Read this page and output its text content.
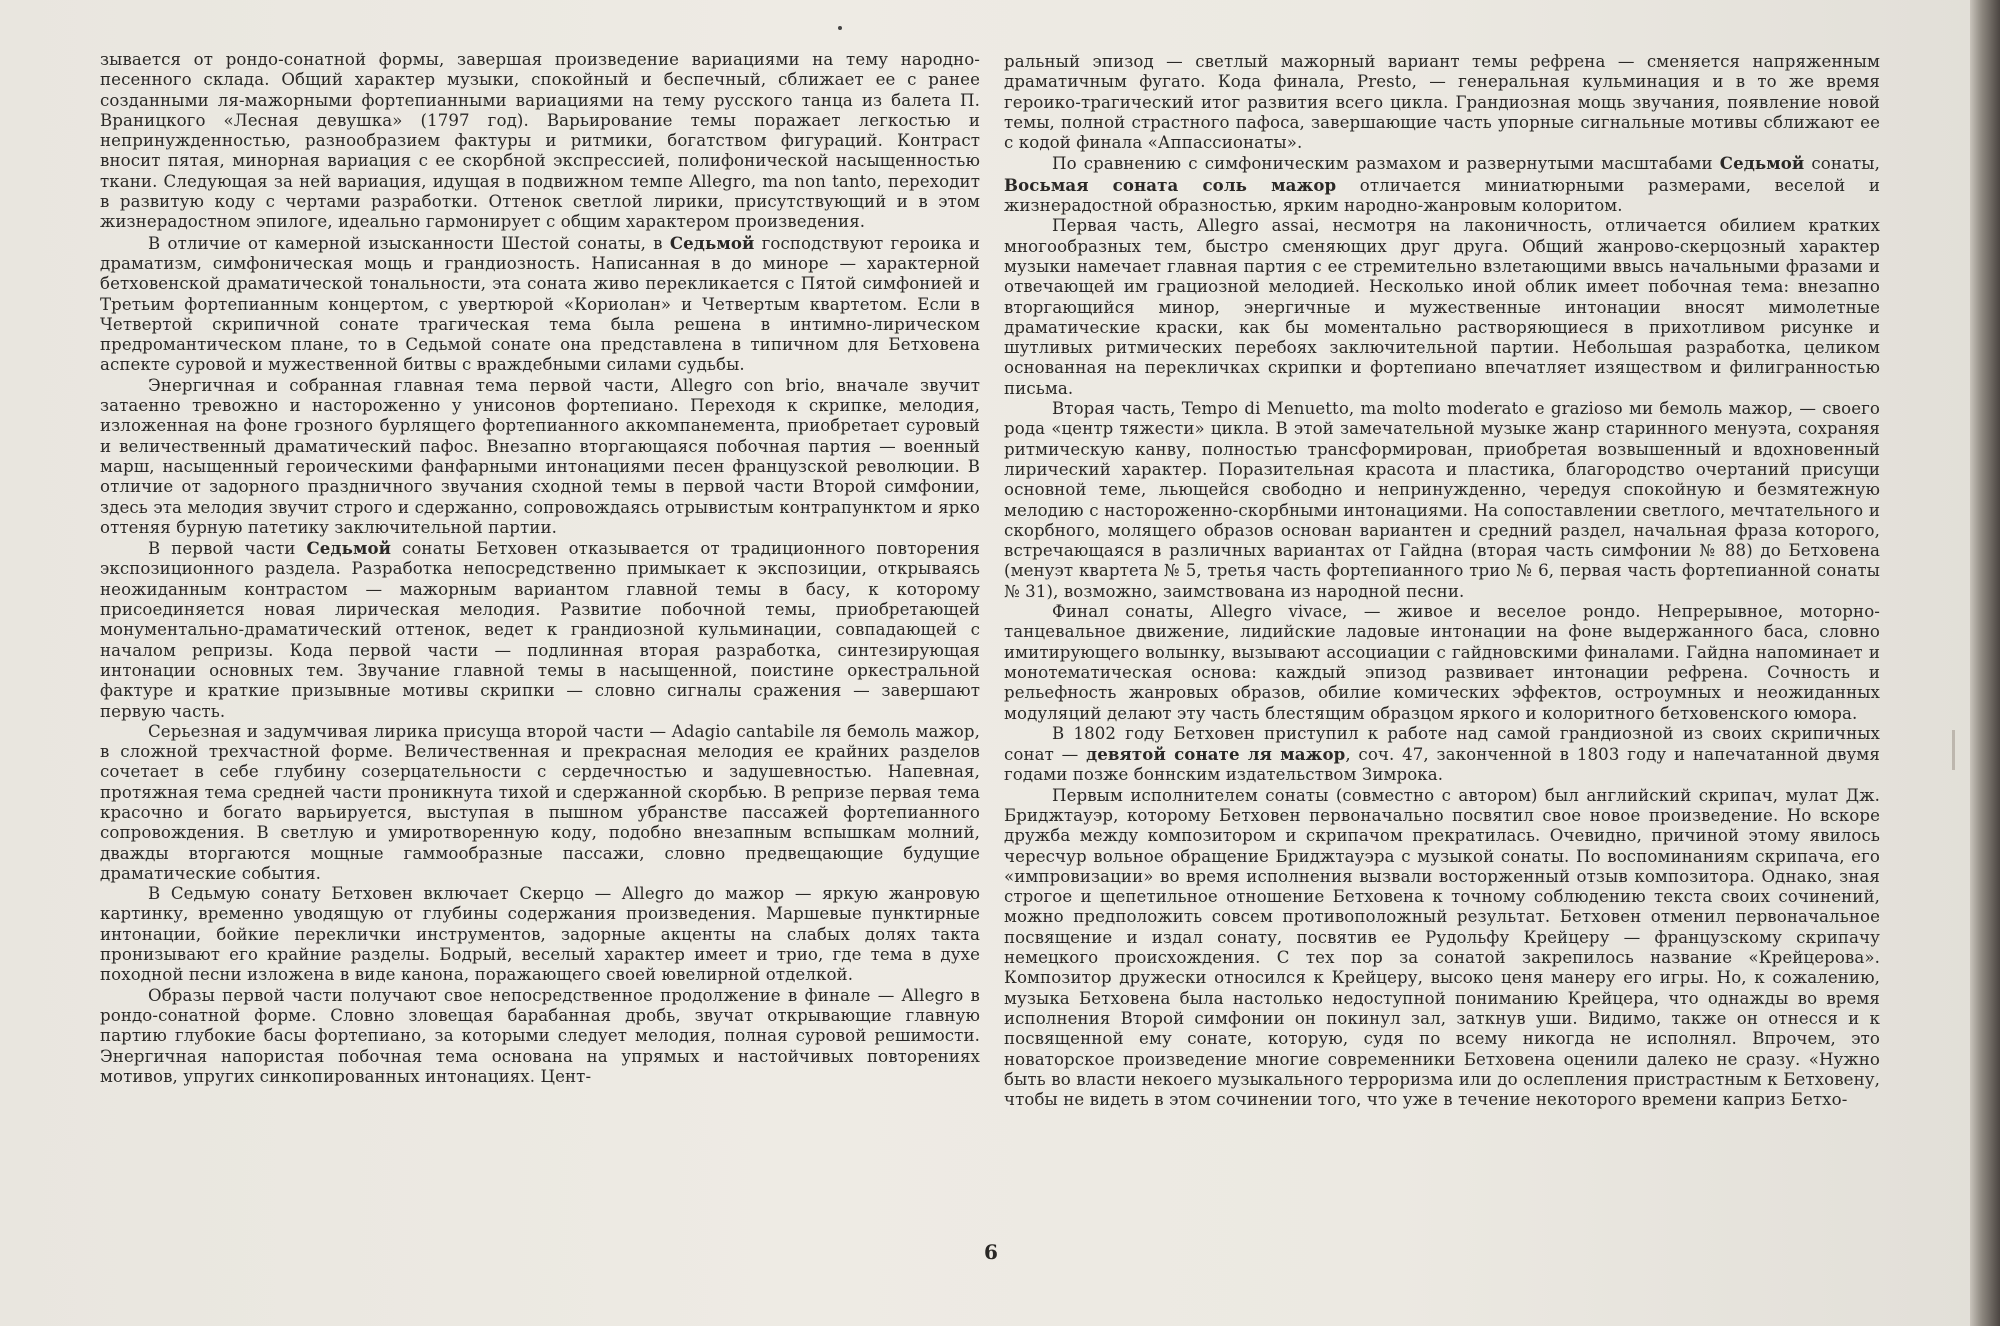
зывается от рондо-сонатной формы, завершая произведение вариациями на тему народно-песенного склада. Общий характер музыки, спокойный и беспечный, сближает ее с ранее созданными ля-мажорными фортепианными вариациями на тему русского танца из балета П. Враницкого «Лесная девушка» (1797 год). Варьирование темы поражает легкостью и непринужденностью, разнообразием фактуры и ритмики, богатством фигураций. Контраст вносит пятая, минорная вариация с ее скорбной экспрессией, полифонической насыщенностью ткани. Следующая за ней вариация, идущая в подвижном темпе Allegro, ma non tanto, переходит в развитую коду с чертами разработки. Оттенок светлой лирики, присутствующий и в этом жизнерадостном эпилоге, идеально гармонирует с общим характером произведения.

В отличие от камерной изысканности Шестой сонаты, в Седьмой господствуют героика и драматизм, симфоническая мощь и грандиозность. Написанная в до миноре — характерной бетховенской драматической тональности, эта соната живо перекликается с Пятой симфонией и Третьим фортепианным концертом, с увертюрой «Кориолан» и Четвертым квартетом. Если в Четвертой скрипичной сонате трагическая тема была решена в интимно-лирическом предромантическом плане, то в Седьмой сонате она представлена в типичном для Бетховена аспекте суровой и мужественной битвы с враждебными силами судьбы.

Энергичная и собранная главная тема первой части, Allegro con brio, вначале звучит затаенно тревожно и настороженно у унисонов фортепиано. Переходя к скрипке, мелодия, изложенная на фоне грозного бурлящего фортепианного аккомпанемента, приобретает суровый и величественный драматический пафос. Внезапно вторгающаяся побочная партия — военный марш, насыщенный героическими фанфарными интонациями песен французской революции. В отличие от задорного праздничного звучания сходной темы в первой части Второй симфонии, здесь эта мелодия звучит строго и сдержанно, сопровождаясь отрывистым контрапунктом и ярко оттеняя бурную патетику заключительной партии.

В первой части Седьмой сонаты Бетховен отказывается от традиционного повторения экспозиционного раздела. Разработка непосредственно примыкает к экспозиции, открываясь неожиданным контрастом — мажорным вариантом главной темы в басу, к которому присоединяется новая лирическая мелодия. Развитие побочной темы, приобретающей монументально-драматический оттенок, ведет к грандиозной кульминации, совпадающей с началом репризы. Кода первой части — подлинная вторая разработка, синтезирующая интонации основных тем. Звучание главной темы в насыщенной, поистине оркестральной фактуре и краткие призывные мотивы скрипки — словно сигналы сражения — завершают первую часть.

Серьезная и задумчивая лирика присуща второй части — Adagio cantabile ля бемоль мажор, в сложной трехчастной форме. Величественная и прекрасная мелодия ее крайних разделов сочетает в себе глубину созерцательности с сердечностью и задушевностью. Напевная, протяжная тема средней части проникнута тихой и сдержанной скорбью. В репризе первая тема красочно и богато варьируется, выступая в пышном убранстве пассажей фортепианного сопровождения. В светлую и умиротворенную коду, подобно внезапным вспышкам молний, дважды вторгаются мощные гаммообразные пассажи, словно предвещающие будущие драматические события.

В Седьмую сонату Бетховен включает Скерцо — Allegro до мажор — яркую жанровую картинку, временно уводящую от глубины содержания произведения. Маршевые пунктирные интонации, бойкие переклички инструментов, задорные акценты на слабых долях такта пронизывают его крайние разделы. Бодрый, веселый характер имеет и трио, где тема в духе походной песни изложена в виде канона, поражающего своей ювелирной отделкой.

Образы первой части получают свое непосредственное продолжение в финале — Allegro в рондо-сонатной форме. Словно зловещая барабанная дробь, звучат открывающие главную партию глубокие басы фортепиано, за которыми следует мелодия, полная суровой решимости. Энергичная напористая побочная тема основана на упрямых и настойчивых повторениях мотивов, упругих синкопированных интонациях. Цент-

ральный эпизод — светлый мажорный вариант темы рефрена — сменяется напряженным драматичным фугато. Кода финала, Presto, — генеральная кульминация и в то же время героико-трагический итог развития всего цикла. Грандиозная мощь звучания, появление новой темы, полной страстного пафоса, завершающие часть упорные сигнальные мотивы сближают ее с кодой финала «Аппассионаты».

По сравнению с симфоническим размахом и развернутыми масштабами Седьмой сонаты, Восьмая соната соль мажор отличается миниатюрными размерами, веселой и жизнерадостной образностью, ярким народно-жанровым колоритом.

Первая часть, Allegro assai, несмотря на лаконичность, отличается обилием кратких многообразных тем, быстро сменяющих друг друга. Общий жанрово-скерцозный характер музыки намечает главная партия с ее стремительно взлетающими ввысь начальными фразами и отвечающей им грациозной мелодией. Несколько иной облик имеет побочная тема: внезапно вторгающийся минор, энергичные и мужественные интонации вносят мимолетные драматические краски, как бы моментально растворяющиеся в прихотливом рисунке и шутливых ритмических перебоях заключительной партии. Небольшая разработка, целиком основанная на перекличках скрипки и фортепиано впечатляет изяществом и филигранностью письма.

Вторая часть, Tempo di Menuetto, ma molto moderato e grazioso ми бемоль мажор, — своего рода «центр тяжести» цикла. В этой замечательной музыке жанр старинного менуэта, сохраняя ритмическую канву, полностью трансформирован, приобретая возвышенный и вдохновенный лирический характер. Поразительная красота и пластика, благородство очертаний присущи основной теме, льющейся свободно и непринужденно, чередуя спокойную и безмятежную мелодию с настороженно-скорбными интонациями. На сопоставлении светлого, мечтательного и скорбного, молящего образов основан вариантен и средний раздел, начальная фраза которого, встречающаяся в различных вариантах от Гайдна (вторая часть симфонии № 88) до Бетховена (менуэт квартета № 5, третья часть фортепианного трио № 6, первая часть фортепианной сонаты № 31), возможно, заимствована из народной песни.

Финал сонаты, Allegro vivace, — живое и веселое рондо. Непрерывное, моторно-танцевальное движение, лидийские ладовые интонации на фоне выдержанного баса, словно имитирующего волынку, вызывают ассоциации с гайдновскими финалами. Гайдна напоминает и монотематическая основа: каждый эпизод развивает интонации рефрена. Сочность и рельефность жанровых образов, обилие комических эффектов, остроумных и неожиданных модуляций делают эту часть блестящим образцом яркого и колоритного бетховенского юмора.

В 1802 году Бетховен приступил к работе над самой грандиозной из своих скрипичных сонат — девятой сонате ля мажор, соч. 47, законченной в 1803 году и напечатанной двумя годами позже боннским издательством Зимрока.

Первым исполнителем сонаты (совместно с автором) был английский скрипач, мулат Дж. Бриджтауэр, которому Бетховен первоначально посвятил свое новое произведение. Но вскоре дружба между композитором и скрипачом прекратилась. Очевидно, причиной этому явилось чересчур вольное обращение Бриджтауэра с музыкой сонаты. По воспоминаниям скрипача, его «импровизации» во время исполнения вызвали восторженный отзыв композитора. Однако, зная строгое и щепетильное отношение Бетховена к точному соблюдению текста своих сочинений, можно предположить совсем противоположный результат. Бетховен отменил первоначальное посвящение и издал сонату, посвятив ее Рудольфу Крейцеру — французскому скрипачу немецкого происхождения. С тех пор за сонатой закрепилось название «Крейцерова». Композитор дружески относился к Крейцеру, высоко ценя манеру его игры. Но, к сожалению, музыка Бетховена была настолько недоступной пониманию Крейцера, что однажды во время исполнения Второй симфонии он покинул зал, заткнув уши. Видимо, также он отнесся и к посвященной ему сонате, которую, судя по всему никогда не исполнял. Впрочем, это новаторское произведение многие современники Бетховена оценили далеко не сразу. «Нужно быть во власти некоего музыкального терроризма или до ослепления пристрастным к Бетховену, чтобы не видеть в этом сочинении того, что уже в течение некоторого времени каприз Бетхо-

6
